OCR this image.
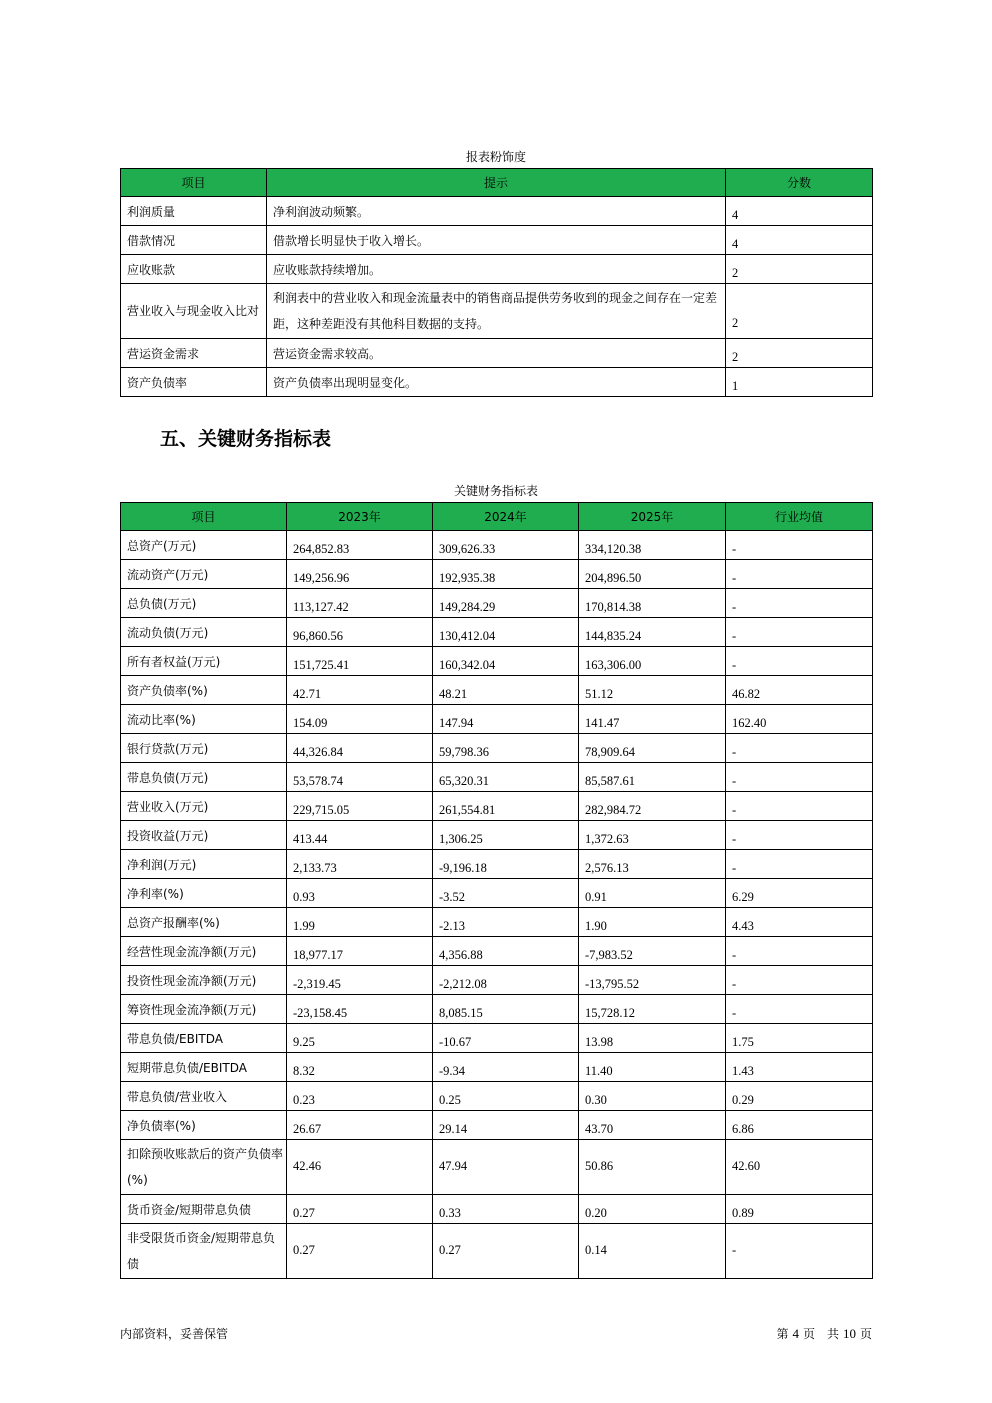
报表粉饰度
项目	提示	分数
利润质量	净利润波动频繁。	4
借款情况	借款增长明显快于收入增长。	4
应收账款	应收账款持续增加。	2
营业收入与现金收入比对	利润表中的营业收入和现金流量表中的销售商品提供劳务收到的现金之间存在一定差距，这种差距没有其他科目数据的支持。	2
营运资金需求	营运资金需求较高。	2
资产负债率	资产负债率出现明显变化。	1
五、关键财务指标表
关键财务指标表
项目	2023年	2024年	2025年	行业均值
总资产(万元)	264,852.83	309,626.33	334,120.38	-
流动资产(万元)	149,256.96	192,935.38	204,896.50	-
总负债(万元)	113,127.42	149,284.29	170,814.38	-
流动负债(万元)	96,860.56	130,412.04	144,835.24	-
所有者权益(万元)	151,725.41	160,342.04	163,306.00	-
资产负债率(%)	42.71	48.21	51.12	46.82
流动比率(%)	154.09	147.94	141.47	162.40
银行贷款(万元)	44,326.84	59,798.36	78,909.64	-
带息负债(万元)	53,578.74	65,320.31	85,587.61	-
营业收入(万元)	229,715.05	261,554.81	282,984.72	-
投资收益(万元)	413.44	1,306.25	1,372.63	-
净利润(万元)	2,133.73	-9,196.18	2,576.13	-
净利率(%)	0.93	-3.52	0.91	6.29
总资产报酬率(%)	1.99	-2.13	1.90	4.43
经营性现金流净额(万元)	18,977.17	4,356.88	-7,983.52	-
投资性现金流净额(万元)	-2,319.45	-2,212.08	-13,795.52	-
筹资性现金流净额(万元)	-23,158.45	8,085.15	15,728.12	-
带息负债/EBITDA	9.25	-10.67	13.98	1.75
短期带息负债/EBITDA	8.32	-9.34	11.40	1.43
带息负债/营业收入	0.23	0.25	0.30	0.29
净负债率(%)	26.67	29.14	43.70	6.86
扣除预收账款后的资产负债率(%)	42.46	47.94	50.86	42.60
货币资金/短期带息负债	0.27	0.33	0.20	0.89
非受限货币资金/短期带息负债	0.27	0.27	0.14	-
内部资料，妥善保管	第 4 页　共 10 页
